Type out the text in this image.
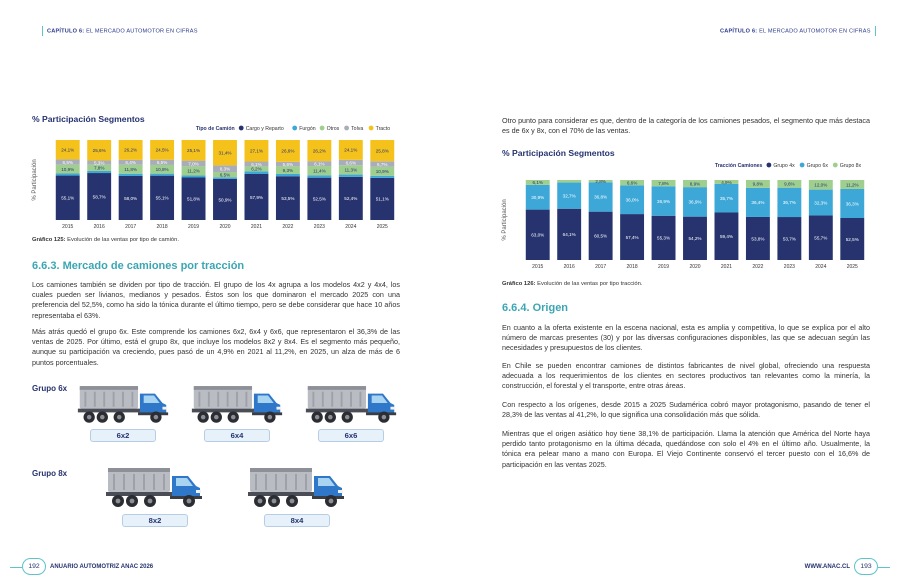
CAPÍTULO 6: EL MERCADO AUTOMOTOR EN CIFRAS
% Participación Segmentos
% Participación
Tipo de Camión Cargo y Reparto	Furgón Otros Tolva Tracto
55,1%
10,9%
6,5%
24,1%
2015
58,7%
7,8%
5,3%
25,6%
2016
58,0%
11,8%
6,4%
26,2%
2017
55,1%
10,8%
6,5%
24,5%
2018
51,8%
11,2%
7,0%
25,1%
2019
50,9%
6,5%
8,3%
31,4%
2020
57,9%
6,2%
6,1%
27,1%
2021
53,5%
9,3%
5,6%
26,6%
2022
52,5%
11,4%
6,1%
26,2%
2023
52,4%
11,3%
6,6%
24,1%
2024
51,1%
10,9%
6,7%
25,8%
2025
Gráfico 125: Evolución de las ventas por tipo de camión.
6.6.3. Mercado de camiones por tracción

Los camiones también se dividen por tipo de tracción. El grupo de los 4x agrupa a los modelos 4x2 y 4x4, los cuales pueden ser livianos, medianos y pesados. Éstos son los que dominaron el mercado 2025 con una preferencia del 52,5%, como ha sido la tónica durante el último tiempo, pero se debe considerar que hace 10 años representaba el 63%.

Más atrás quedó el grupo 6x. Este comprende los camiones 6x2, 6x4 y 6x6, que representaron el 36,3% de las ventas de 2025. Por último, está el grupo 8x, que incluye los modelos 8x2 y 8x4. Es el segmento más pequeño, aunque su participación va creciendo, pues pasó de un 4,9% en 2021 al 11,2%, en 2025, un alza de más de 6 puntos porcentuales.

Grupo 6x
6x2	6x4	6x6
Grupo 8x
8x2	8x4
192	ANUARIO AUTOMOTRIZ ANAC 2026
CAPÍTULO 6: EL MERCADO AUTOMOTOR EN CIFRAS

Otro punto para considerar es que, dentro de la categoría de los camiones pesados, el segmento que más destaca es de 6x y 8x, con el 70% de las ventas.

% Participación Segmentos
% Participación
Tracción Camiones Grupo 4x Grupo 6x Grupo 8x
63,0%
30,9%
6,1%
2015
64,1%
32,7%
2016
60,5%
36,8%
2,8%
2017
57,4%
36,0%
6,6%
2018
55,3%
36,9%
7,8%
2019
54,2%
36,9%
8,9%
2020
59,4%
35,7%
4,9%
2021
53,8%
36,4%
9,8%
2022
53,7%
36,7%
9,6%
2023
55,7%
32,3%
12,0%
2024
52,5%
36,3%
11,2%
2025
Gráfico 126: Evolución de las ventas por tipo tracción.
6.6.4. Origen

En cuanto a la oferta existente en la escena nacional, esta es amplia y competitiva, lo que se explica por el alto número de marcas presentes (30) y por las diversas configuraciones disponibles, las que se adecuan según las necesidades y presupuestos de los clientes.

En Chile se pueden encontrar camiones de distintos fabricantes de nivel global, ofreciendo una respuesta adecuada a los requerimientos de los clientes en sectores productivos tan relevantes como la minería, la construcción, el forestal y el transporte, entre otras áreas.

Con respecto a los orígenes, desde 2015 a 2025 Sudamérica cobró mayor protagonismo, pasando de tener el 28,3% de las ventas al 41,2%, lo que significa una consolidación más que sólida.

Mientras que el origen asiático hoy tiene 38,1% de participación. Llama la atención que América del Norte haya perdido tanto protagonismo en la última década, quedándose con solo el 4% en el último año. Usualmente, la tónica era pelear mano a mano con Europa. El Viejo Continente conservó el tercer puesto con el 16,6% de participación en las ventas 2025.

WWW.ANAC.CL	193
